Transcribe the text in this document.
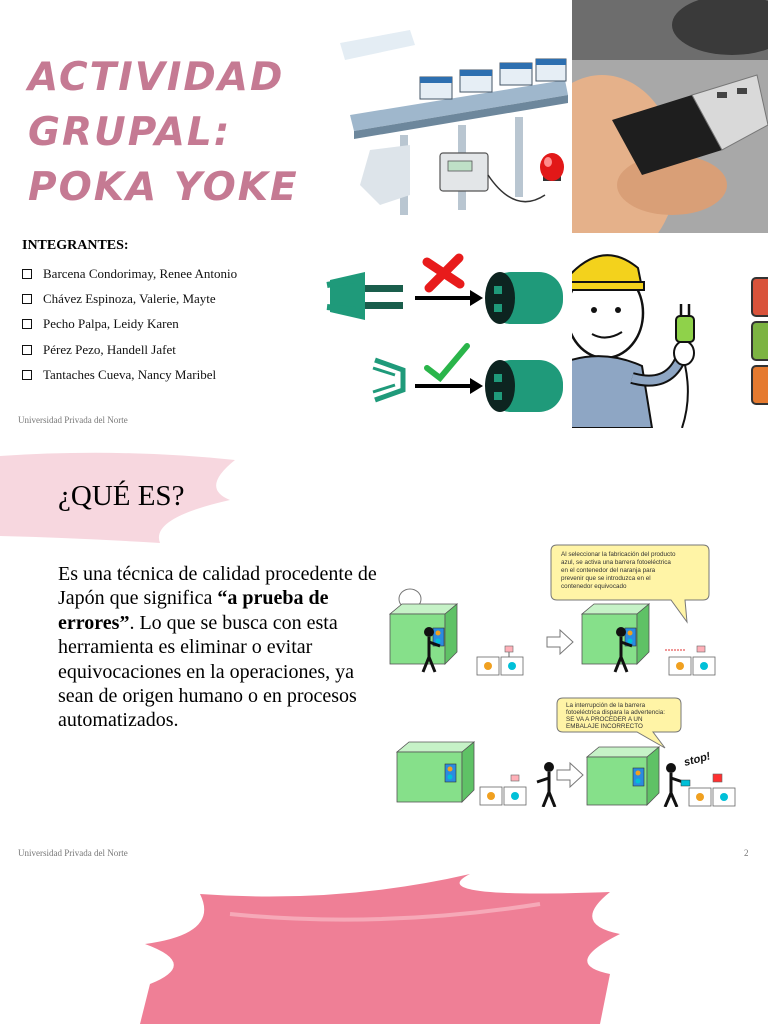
ACTIVIDAD
GRUPAL:
POKA YOKE
INTEGRANTES:
Barcena Condorimay, Renee Antonio
Chávez Espinoza, Valerie, Mayte
Pecho Palpa, Leidy Karen
Pérez Pezo, Handell Jafet
Tantaches Cueva, Nancy Maribel
Universidad Privada del Norte
¿QUÉ ES?

Es una técnica de calidad procedente de Japón que significa “a prueba de errores”. Lo que se busca con esta herramienta es eliminar o evitar equivocaciones en la operaciones, ya sean de origen humano o en procesos automatizados.

Al seleccionar la fabricación del producto
azul, se activa una barrera fotoeléctrica
en el contenedor del naranja para
prevenir que se introduzca en el
contenedor equivocado
La interrupción de la barrera
fotoeléctrica dispara la advertencia:
SE VA A PROCEDER A UN
EMBALAJE INCORRECTO
stop!
Universidad Privada del Norte	2
